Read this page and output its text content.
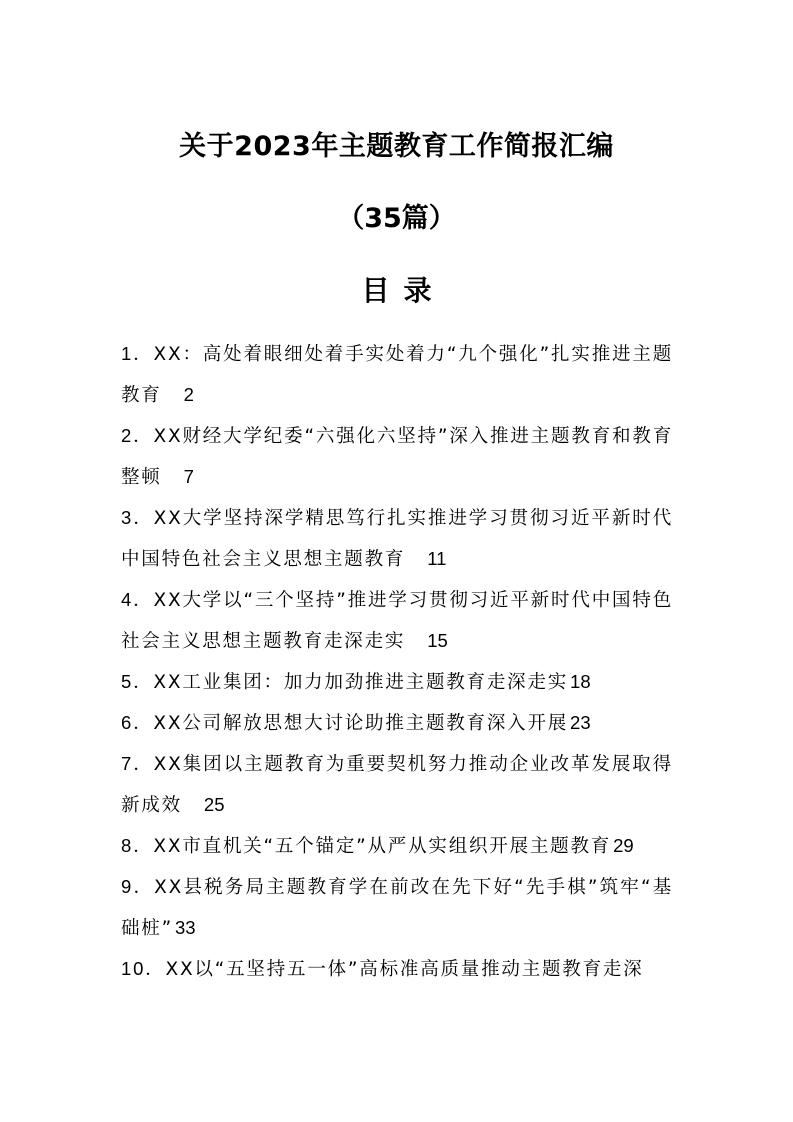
关于2023年主题教育工作简报汇编
（35篇）
目录
1．XX：高处着眼细处着手实处着力“九个强化”扎实推进主题教育 2
2．XX财经大学纪委“六强化六坚持”深入推进主题教育和教育整顿 7
3．XX大学坚持深学精思笃行扎实推进学习贯彻习近平新时代中国特色社会主义思想主题教育 11
4．XX大学以“三个坚持”推进学习贯彻习近平新时代中国特色社会主义思想主题教育走深走实 15
5．XX工业集团：加力加劲推进主题教育走深走实 18
6．XX公司解放思想大讨论助推主题教育深入开展 23
7．XX集团以主题教育为重要契机努力推动企业改革发展取得新成效 25
8．XX市直机关“五个锚定”从严从实组织开展主题教育 29
9．XX县税务局主题教育学在前改在先下好“先手棋”筑牢“基础桩” 33
10．XX以“五坚持五一体”高标准高质量推动主题教育走深
